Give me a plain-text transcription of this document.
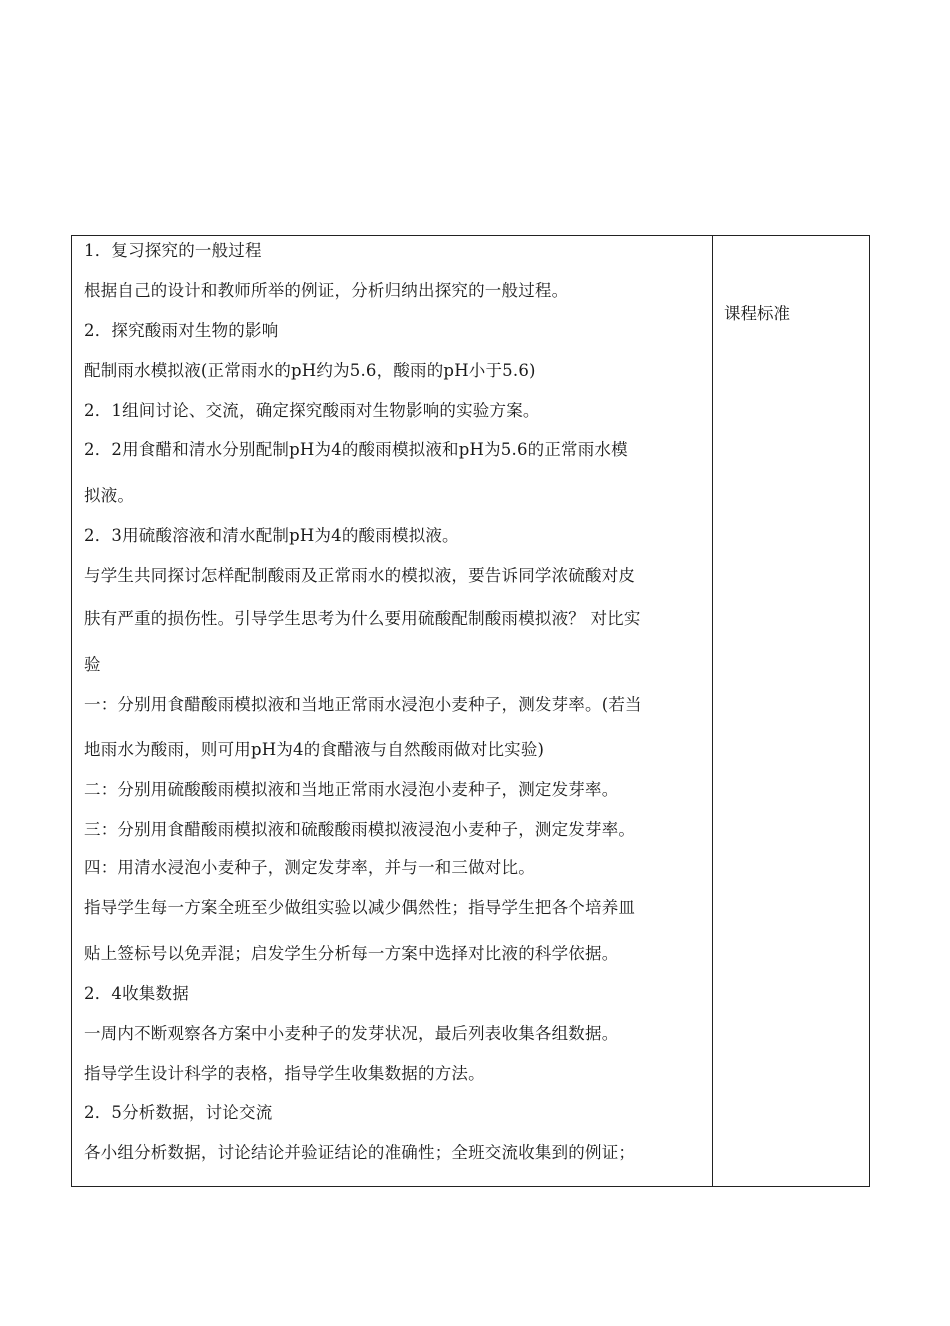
1．复习探究的一般过程
根据自己的设计和教师所举的例证，分析归纳出探究的一般过程。
2．探究酸雨对生物的影响
配制雨水模拟液(正常雨水的pH约为5.6，酸雨的pH小于5.6)
2．1组间讨论、交流，确定探究酸雨对生物影响的实验方案。
2．2用食醋和清水分别配制pH为4的酸雨模拟液和pH为5.6的正常雨水模
拟液。
2．3用硫酸溶液和清水配制pH为4的酸雨模拟液。
与学生共同探讨怎样配制酸雨及正常雨水的模拟液，要告诉同学浓硫酸对皮
肤有严重的损伤性。引导学生思考为什么要用硫酸配制酸雨模拟液？ 对比实
验
一：分别用食醋酸雨模拟液和当地正常雨水浸泡小麦种子，测发芽率。(若当
地雨水为酸雨，则可用pH为4的食醋液与自然酸雨做对比实验)
二：分别用硫酸酸雨模拟液和当地正常雨水浸泡小麦种子，测定发芽率。
三：分别用食醋酸雨模拟液和硫酸酸雨模拟液浸泡小麦种子，测定发芽率。
四：用清水浸泡小麦种子，测定发芽率，并与一和三做对比。
指导学生每一方案全班至少做组实验以减少偶然性；指导学生把各个培养皿
贴上签标号以免弄混；启发学生分析每一方案中选择对比液的科学依据。
2．4收集数据
一周内不断观察各方案中小麦种子的发芽状况，最后列表收集各组数据。
指导学生设计科学的表格，指导学生收集数据的方法。
2．5分析数据，讨论交流
各小组分析数据，讨论结论并验证结论的准确性；全班交流收集到的例证；
课程标准
